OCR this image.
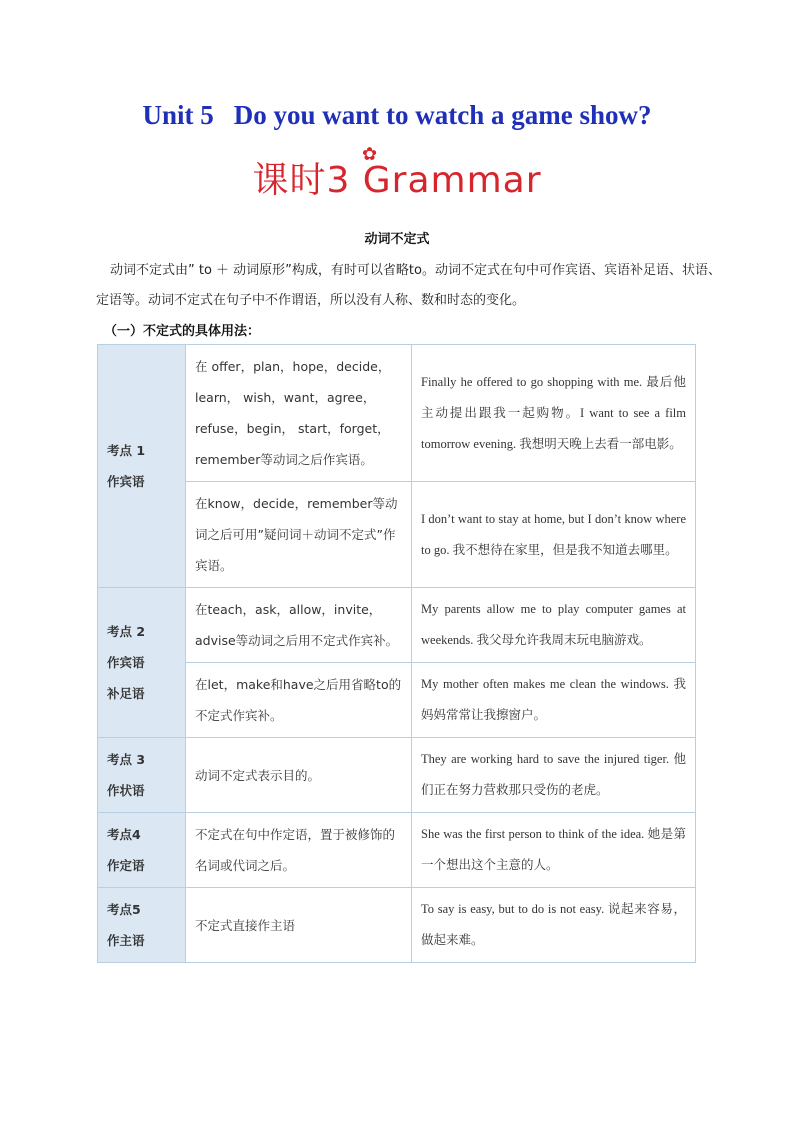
Unit 5 Do you want to watch a game show?
✿
课时3 Grammar
动词不定式
动词不定式由” to ＋ 动词原形”构成，有时可以省略to。动词不定式在句中可作宾语、宾语补足语、状语、定语等。动词不定式在句子中不作谓语，所以没有人称、数和时态的变化。
（一）不定式的具体用法：
考点 1
作宾语	在 offer，plan，hope，decide，learn， wish，want，agree，refuse，begin， start，forget，remember等动词之后作宾语。	Finally he offered to go shopping with me. 最后他主动提出跟我一起购物。I want to see a film tomorrow evening. 我想明天晚上去看一部电影。
	在know，decide，remember等动词之后可用”疑问词＋动词不定式”作宾语。	I don’t want to stay at home, but I don’t know where to go. 我不想待在家里，但是我不知道去哪里。

考点 2
作宾语
补足语	在teach，ask，allow，invite，advise等动词之后用不定式作宾补。	My parents allow me to play computer games at weekends. 我父母允许我周末玩电脑游戏。
	在let，make和have之后用省略to的不定式作宾补。	My mother often makes me clean the windows. 我妈妈常常让我擦窗户。

考点 3
作状语	动词不定式表示目的。	They are working hard to save the injured tiger. 他们正在努力营救那只受伤的老虎。

考点4
作定语	不定式在句中作定语，置于被修饰的名词或代词之后。	She was the first person to think of the idea. 她是第一个想出这个主意的人。

考点5
作主语	不定式直接作主语	To say is easy, but to do is not easy. 说起来容易，做起来难。
